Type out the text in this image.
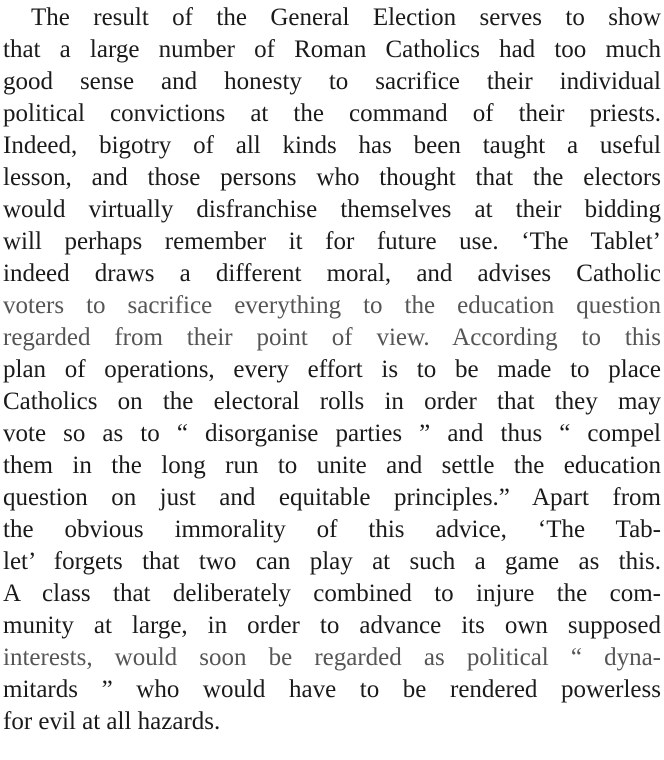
The result of the General Election serves to show
that a large number of Roman Catholics had too much
good sense and honesty to sacrifice their individual
political convictions at the command of their priests.
Indeed, bigotry of all kinds has been taught a useful
lesson, and those persons who thought that the electors
would virtually disfranchise themselves at their bidding
will perhaps remember it for future use. ‘The Tablet’
indeed draws a different moral, and advises Catholic
voters to sacrifice everything to the education question
regarded from their point of view. According to this
plan of operations, every effort is to be made to place
Catholics on the electoral rolls in order that they may
vote so as to “ disorganise parties ” and thus “ compel
them in the long run to unite and settle the education
question on just and equitable principles.” Apart from
the obvious immorality of this advice, ‘The Tab-
let’ forgets that two can play at such a game as this.
A class that deliberately combined to injure the com-
munity at large, in order to advance its own supposed
interests, would soon be regarded as political “ dyna-
mitards ” who would have to be rendered powerless
for evil at all hazards.
